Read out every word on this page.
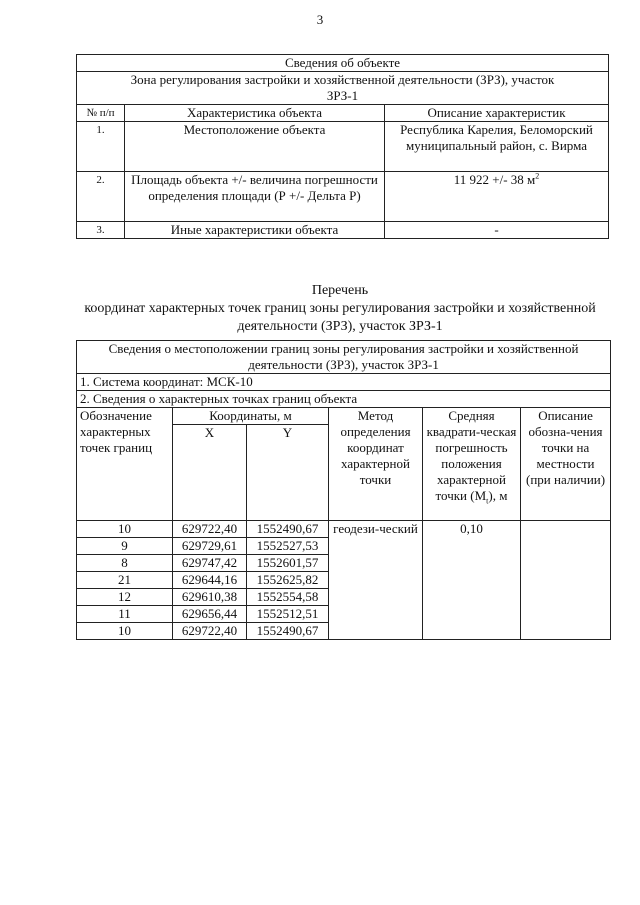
3
Сведения об объекте		
Зона регулирования застройки и хозяйственной деятельности (ЗРЗ), участок ЗРЗ-1		
№ п/п	Характеристика объекта	Описание характеристик
1.	Местоположение объекта	Республика Карелия, Беломорский муниципальный район, с. Вирма
2.	Площадь объекта +/- величина погрешности определения площади (Р +/- Дельта Р)	11 922 +/- 38 $м^2$
3.	Иные характеристики объекта	-
Перечень
координат характерных точек границ зоны регулирования застройки и хозяйственной деятельности (ЗРЗ), участок ЗРЗ-1
Сведения о местоположении границ зоны регулирования застройки и хозяйственной деятельности (ЗРЗ), участок ЗРЗ-1					
1. Система координат: МСК-10					
2. Сведения о характерных точках границ объекта					
Обозначение характерных точек границ	Координаты, м		Метод определения координат характерной точки	Средняя квадрати-ческая погрешность положения характерной точки $(M_t)$, м	Описание обозна-чения точки на местности (при наличии)
	X	Y			
10	629722,40	1552490,67	геодези-ческий	0,10	
9	629729,61	1552527,53			
8	629747,42	1552601,57			
21	629644,16	1552625,82			
12	629610,38	1552554,58			
11	629656,44	1552512,51			
10	629722,40	1552490,67			
